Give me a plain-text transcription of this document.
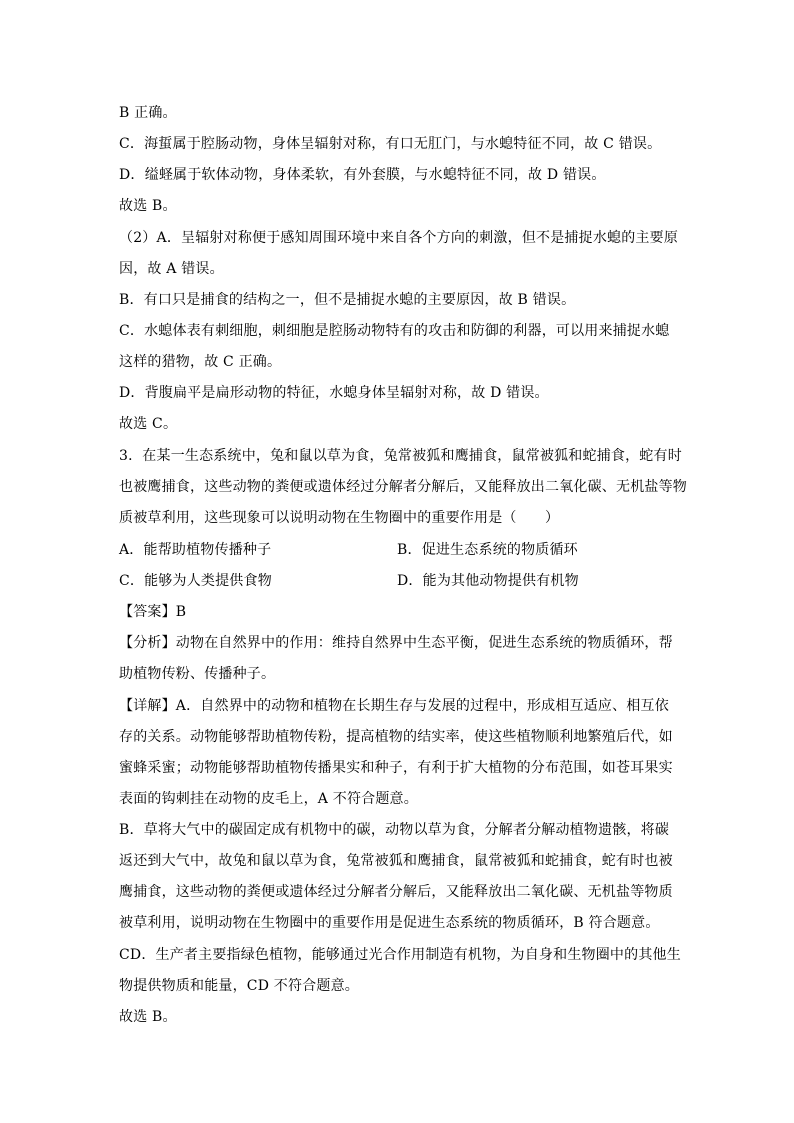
B 正确。
C．海蜇属于腔肠动物，身体呈辐射对称，有口无肛门，与水螅特征不同，故 C 错误。
D．缢蛏属于软体动物，身体柔软，有外套膜，与水螅特征不同，故 D 错误。
故选 B。
（2）A．呈辐射对称便于感知周围环境中来自各个方向的刺激，但不是捕捉水螅的主要原
因，故 A 错误。
B．有口只是捕食的结构之一，但不是捕捉水螅的主要原因，故 B 错误。
C．水螅体表有刺细胞，刺细胞是腔肠动物特有的攻击和防御的利器，可以用来捕捉水螅
这样的猎物，故 C 正确。
D．背腹扁平是扁形动物的特征，水螅身体呈辐射对称，故 D 错误。
故选 C。
3．在某一生态系统中，兔和鼠以草为食，兔常被狐和鹰捕食，鼠常被狐和蛇捕食，蛇有时
也被鹰捕食，这些动物的粪便或遗体经过分解者分解后，又能释放出二氧化碳、无机盐等物
质被草利用，这些现象可以说明动物在生物圈中的重要作用是（　　）
A．能帮助植物传播种子	B．促进生态系统的物质循环
C．能够为人类提供食物	D．能为其他动物提供有机物
【答案】B
【分析】动物在自然界中的作用：维持自然界中生态平衡，促进生态系统的物质循环，帮
助植物传粉、传播种子。
【详解】A．自然界中的动物和植物在长期生存与发展的过程中，形成相互适应、相互依
存的关系。动物能够帮助植物传粉，提高植物的结实率，使这些植物顺利地繁殖后代，如
蜜蜂采蜜；动物能够帮助植物传播果实和种子，有利于扩大植物的分布范围，如苍耳果实
表面的钩刺挂在动物的皮毛上，A 不符合题意。
B．草将大气中的碳固定成有机物中的碳，动物以草为食，分解者分解动植物遗骸，将碳
返还到大气中，故兔和鼠以草为食，兔常被狐和鹰捕食，鼠常被狐和蛇捕食，蛇有时也被
鹰捕食，这些动物的粪便或遗体经过分解者分解后，又能释放出二氧化碳、无机盐等物质
被草利用，说明动物在生物圈中的重要作用是促进生态系统的物质循环，B 符合题意。
CD．生产者主要指绿色植物，能够通过光合作用制造有机物，为自身和生物圈中的其他生
物提供物质和能量，CD 不符合题意。
故选 B。
